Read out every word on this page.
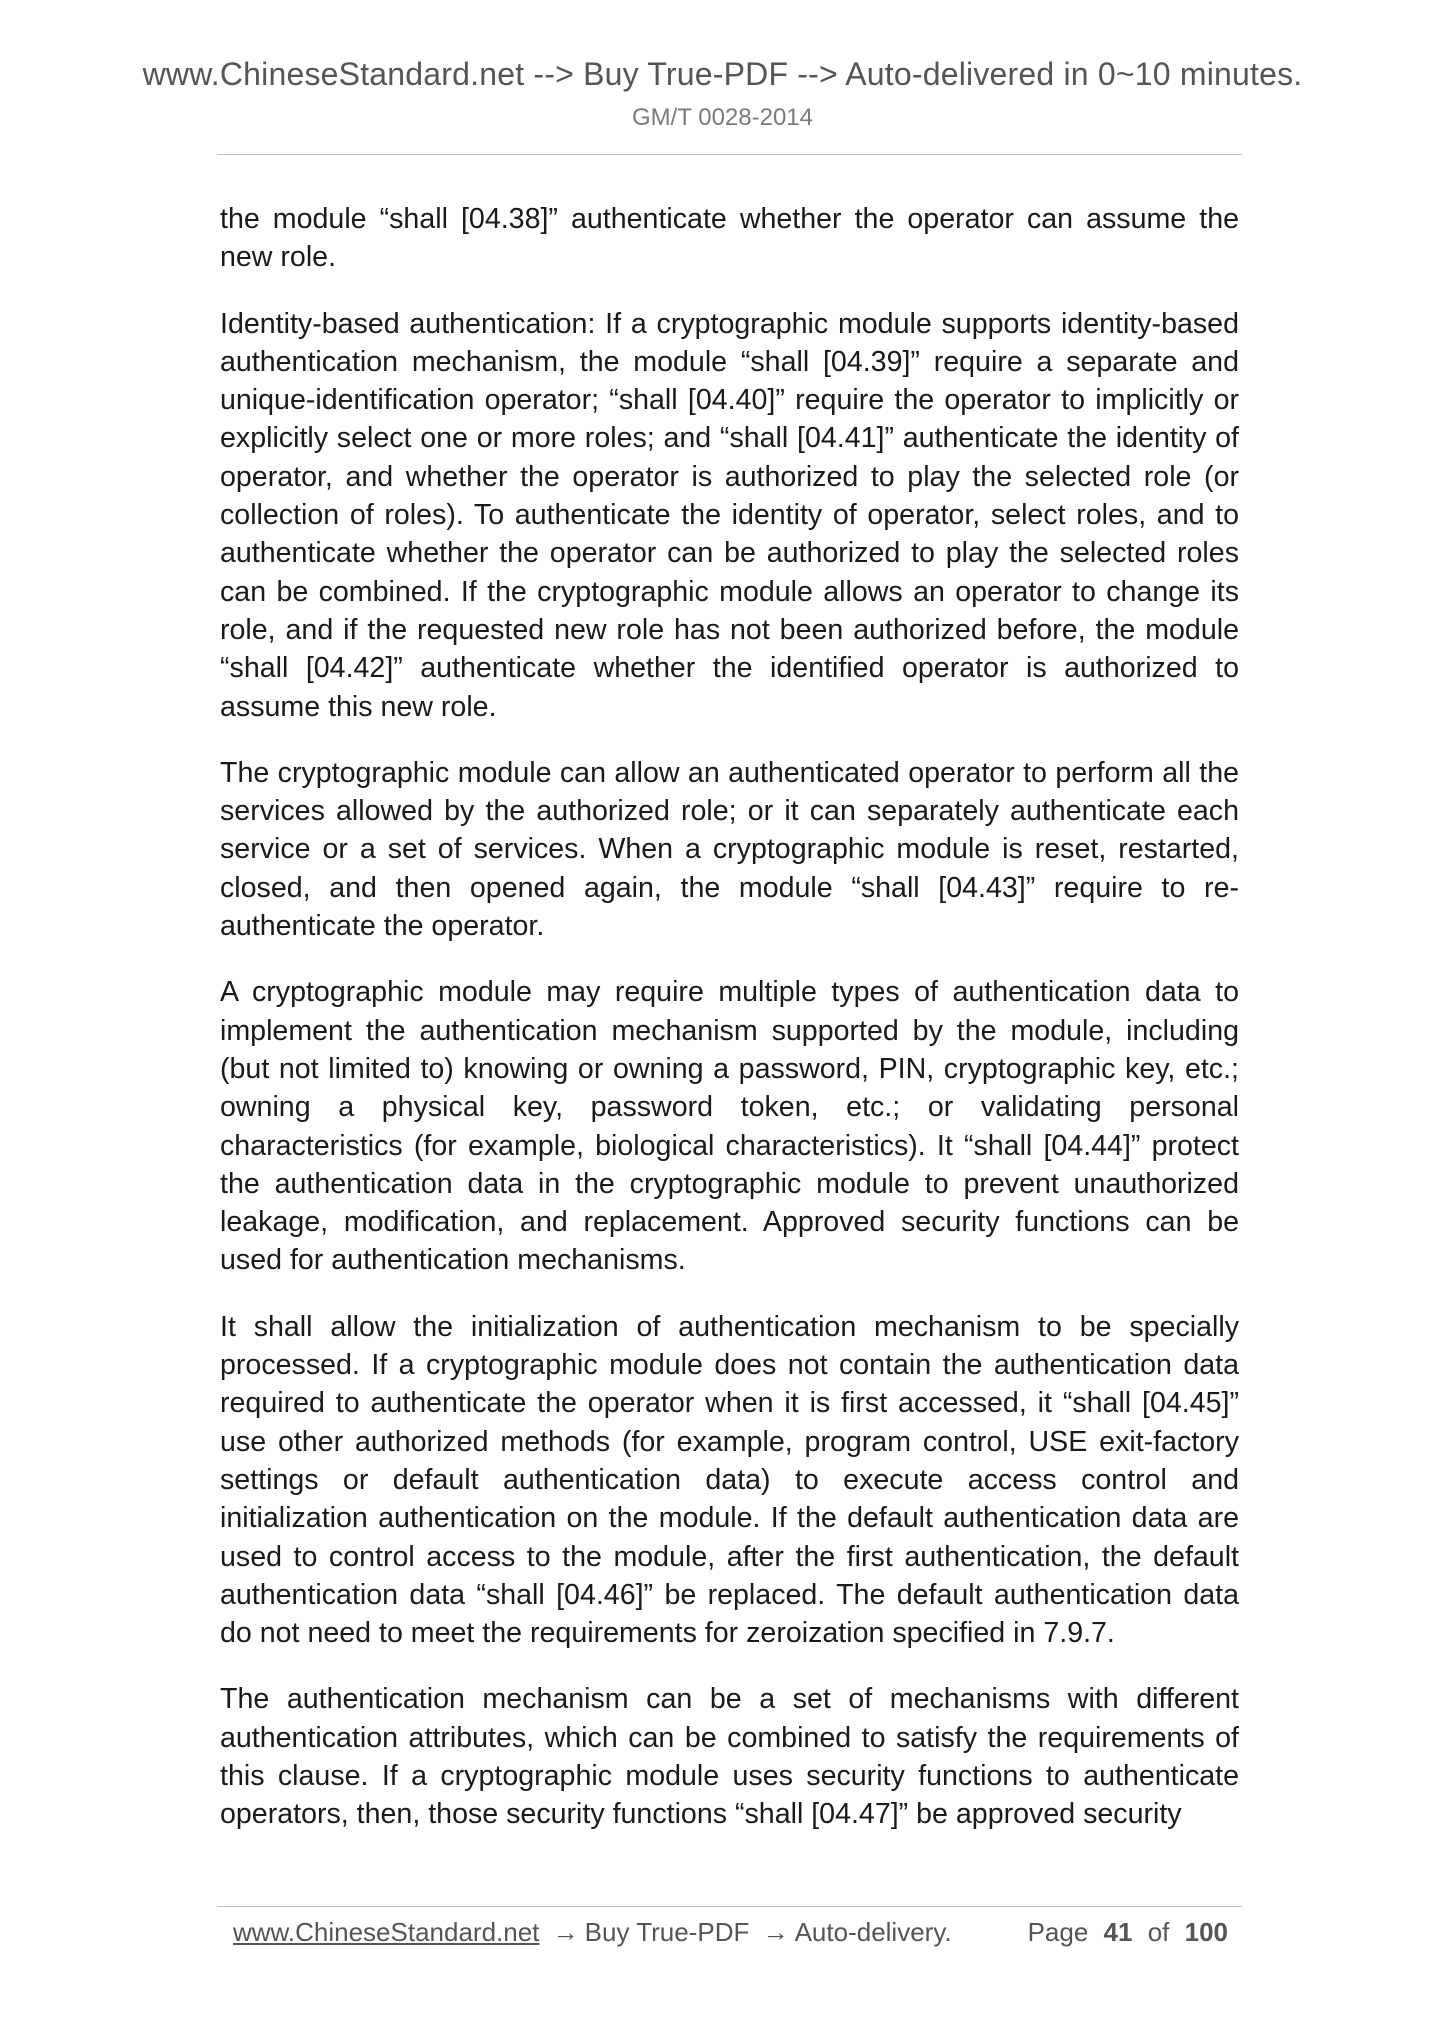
www.ChineseStandard.net --> Buy True-PDF --> Auto-delivered in 0~10 minutes.
GM/T 0028-2014

the module “shall [04.38]” authenticate whether the operator can assume the new role.

Identity-based authentication: If a cryptographic module supports identity-based authentication mechanism, the module “shall [04.39]” require a separate and unique-identification operator; “shall [04.40]” require the operator to implicitly or explicitly select one or more roles; and “shall [04.41]” authenticate the identity of operator, and whether the operator is authorized to play the selected role (or collection of roles). To authenticate the identity of operator, select roles, and to authenticate whether the operator can be authorized to play the selected roles can be combined. If the cryptographic module allows an operator to change its role, and if the requested new role has not been authorized before, the module “shall [04.42]” authenticate whether the identified operator is authorized to assume this new role.

The cryptographic module can allow an authenticated operator to perform all the services allowed by the authorized role; or it can separately authenticate each service or a set of services. When a cryptographic module is reset, restarted, closed, and then opened again, the module “shall [04.43]” require to re-authenticate the operator.

A cryptographic module may require multiple types of authentication data to implement the authentication mechanism supported by the module, including (but not limited to) knowing or owning a password, PIN, cryptographic key, etc.; owning a physical key, password token, etc.; or validating personal characteristics (for example, biological characteristics). It “shall [04.44]” protect the authentication data in the cryptographic module to prevent unauthorized leakage, modification, and replacement. Approved security functions can be used for authentication mechanisms.

It shall allow the initialization of authentication mechanism to be specially processed. If a cryptographic module does not contain the authentication data required to authenticate the operator when it is first accessed, it “shall [04.45]” use other authorized methods (for example, program control, USE exit-factory settings or default authentication data) to execute access control and initialization authentication on the module. If the default authentication data are used to control access to the module, after the first authentication, the default authentication data “shall [04.46]” be replaced. The default authentication data do not need to meet the requirements for zeroization specified in 7.9.7.

The authentication mechanism can be a set of mechanisms with different authentication attributes, which can be combined to satisfy the requirements of this clause. If a cryptographic module uses security functions to authenticate operators, then, those security functions “shall [04.47]” be approved security

www.ChineseStandard.net → Buy True-PDF → Auto-delivery.	Page 41 of 100
